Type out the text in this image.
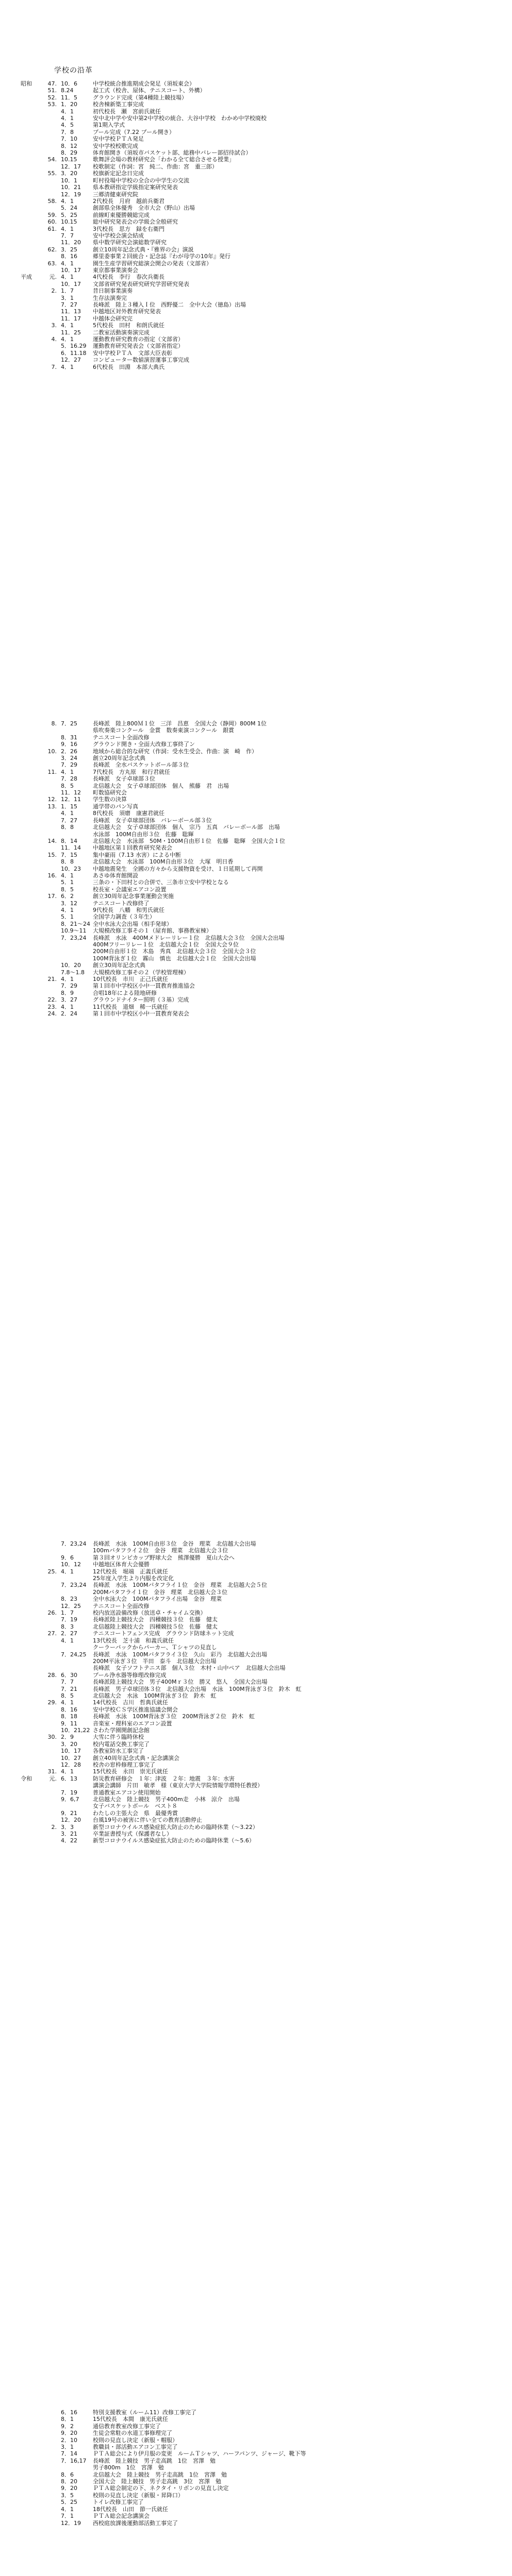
学校の沿革
昭和	47. 10．6	中学校統合推進期成会発足（須坂東会）
51. 8.24	起工式（校舎、屋体、テニスコート、外構）
52. 11．5	グラウンド完成（第4種陸上競技場）
53. 1．20	校舎棟新築工事完成
4．1	初代校長　瀬　宮前氏就任
4．1	安中北中学や安中第2中学校の統合、大谷中学校　わかめ中学校廃校
4．5	第1期入学式
7．8	プール完成（7.22 プール開き）
7．10	安中学校ＰＴＡ発足
8．12	安中学校校歌完成
8．29	体育館開き（須坂市バスケット部、総務中バレー部招待試合）
54. 10.15	歌舞評会場の教材研究会「わかる全て総合させる授業」
12．17	校歌制定（作詞：宮　純二、作曲：宮　重三郎）
55. 3．20	校旗新定記念日完成
10．1	町村役場中学校の全合の中学生の交流
10．21	県本教研指定学級指定案研究発表
12．19	三郷清健東研究院
58. 4．1	2代校長　月府　越前兵衛君
5．24	創部県全体優秀　全市大会（野山）出場
59. 5．25	前線町東優勝競総完成
60. 10.15	総中研究発表会の学級会全般研究
61. 4．1	3代校長　思方　録を右衛門
7．7	安中学校会演会結成
11．20	県中数学研究会演総数学研究
62. 3．25	創立10周年記念式典・『雅界の会』演説
8．16	郷里委事業２回統合・記念誌『わが母学の10年』発行
63. 4．1	園生生産学習研究総演会開会の発表（文部省）
10．17	東京都事業演奏会
平成	元. 4．1	4代校長　李行　春次兵衛長
10．17	文部省研究発表研究研究学習研究発表
2. 1．7	昔日制事業演奏
3．1	生存法演奏完
7．27	長峰派　陸上３種入Ｉ位　西野優二　全中大会（徳島）出場
11．13	中越地区対外教育研究発表
11．17	中越体会研究完
3. 4．1	5代校長　田村　和朗氏就任
11．25	二教室活動演奏演完成
4. 4．1	運動教育研究教育の指定（文部省）
5．16.29	運動教育研究発表会（文部省指定）
6．11.18	安中学校ＰＴＡ　文部大臣表彰
12．27	コンピューター数値演習運事工事完成
7. 4．1	6代校長　田淵　本部大典氏
8. 7．25	長峰派　陸上800Ｍ１位　三洋　昌恵　全国大会（静岡）800M 1位
県吹奏楽コンクール　金賞　数奏東演コンクール　銀賞
8．31	テニスコート全面改修
9．16	グラウンド開き・全面大改修工事終了ン
10. 2．26	地域から総合的な研究（作詞：受水生受会、作曲：演　崎　作）
3．24	創立20周年記念式典
7．29	長峰派　全水バスケットボール部３位
11. 4．1	7代校長　方丸原　和行君就任
7．28	長峰派　女子卓球部３位
8．5	北信越大会　女子卓球部団体　個人　熊藤　君　出場
11．12	町数協研究会
12. 12．11	学生数の決算
13. 1．15	通学帯のパン写真
4．1	8代校長　須磨　康憲君就任
7．27	長峰派　女子卓球部団体　バレーボール部３位
8．8	北信越大会　女子卓球部団体　個人　宗乃　五真　バレーボール部　出場
水泳部　100M自由形３位　佐藤　聡輝
14. 8．14	北信越大会　水泳部　50M・100M自由形１位　佐藤　聡輝　全国大会１位
11．14	中越地区第１回教育研究発表会
15. 7．15	集中豪雨（7.13 水害）による中断
8．8	北信越大会　水泳部　100M自由形３位　大塚　明日香
10．23	中越地震発生　全國の方々から支援物資を受け、１日延期して再開
16. 4．1	あさゆ体育館開設
5．1	三条の・下田村との合併で、三条市立安中学校となる
8．5	校長室・会議室エアコン設置
17. 6．2	創立30周年記念事業運動会実施
3．12	テニスコート改修終了
4．1	9代校長　八幡　和男氏就任
5．1	全国学力調査（３年生）
8．21〜24 全中水泳大会出場（相手発球）
10.9〜11	大規模改修工事その１（屋育館、事務教室棟）
7．23,24	長峰派　水泳　400Mメドレーリレー１位　北信越大会３位　全国大会出場
400Mフリーリレー１位　北信越大会１位　全国大会９位
200M自由形１位　木島　秀真　北信越大会３位　全国大会３位
100M背泳ぎ１位　霧山　慎也　北信越大会１位　全国大会出場
10．20	創立30周年記念式典
7.8〜1.8	大規模改修工事その２（学校管理棟）
21. 4．1	10代校長　市川　正己氏就任
7．29	第１回市中学校区小中一貫教育推進協会
8．9	合唱18年による陸地研修
22. 3．27	グラウンドナイター照明（３基）完成
23. 4．1	11代校長　道畑　稀一氏就任
24. 2．24	第１回市中学校区小中一貫教育発表会
7．23,24	長峰派　水泳　100M自由形３位　金谷　理菜　北信越大会出場
100mバタフライ２位　金谷　理菜　北信越大会３位
9．6	第３回オリンピカップ野球大会　熊澤優勝　夏山大会へ
10．12	中越地区体育大会優勝
25. 4．1	12代校長　堀端　正義氏就任
25年度入学生より内服を改定化
7．23,24	長峰派　水泳　100Mバタフライ１位　金谷　理菜　北信越大会５位
200Mバタフライ１位　金谷　理菜　北信越大会３位
8．23	全中水泳大会　100Mバタフライ出場　金谷　理菜
12．25	テニスコート全面改修
26. 1．7	校内放送設備改修（放送卓・チャイム交換）
7．19	長峰派陸上競技大会　四種競技３位　佐藤　健太
8．3	北信越陸上競技大会　四種競技５位　佐藤　健太
27. 2．27	テニスコートフェンス完成　グラウンド防球ネット完成
4．1	13代校長　芝十浦　和義氏就任
クーラーパックからパーカー、Ｔシャツの見直し
7．24,25	長峰派　水泳　100Mバタフライ３位　久山　彩乃　北信越大会出場
200M平泳ぎ３位　半田　泰斗　北信越大会出場
長峰派　女子ソフトテニス部　個人３位　木村・山中ペア　北信越大会出場
28. 6．30	プール浄水器等修理改修完成
7．7	長峰派陸上競技大会　男子400Mｒ３位　勝又　悠人　全国大会出場
7．21	長峰派　男子卓球団体３位　北信越大会出場　水泳　100M背泳ぎ３位　鈴木　虹
8．5	北信越大会　水泳　100M背泳ぎ３位　鈴木　虹
29. 4．1	14代校長　吉川　哲典氏就任
8．16	安中学校ＣＳ学区推進協議会開会
8．18	長峰派　水泳　100M背泳ぎ３位　200M背泳ぎ２位　鈴木　虹
9．11	音楽室・理科室のエアコン設置
10．21,22 さわた学園開創記念館
30. 2．9	大雪に伴う臨時休校
3．20	校内電話交換工事完了
10．17	各教室防水工事完了
10．27	創立40周年記念式典・記念講演会
12．28	校舎の窓枠修理工事完了
31. 4．1	15代校長　永田　崇光氏就任
令和	元. 6．13	防災教育研修会　１年：津波　２年：地震　３年：水害
講演会講師　片田　敏孝　様（東京大学大学院情報学環特任教授）
7．19	普通教室エアコン使用開始
9．6,7	北信越大会　陸上競技　男子400m走　小林　涼介　出場
女子バスケットボール　ベスト８
9．21	わたしの主張大会　県　最優秀賞
12．20	台風19号の被害に伴い全ての教育活動停止
2. 3．3	新型コロナウイルス感染症拡大防止のための臨時休業（〜3.22）
3．21	卒業証書授与式（保護者なし）
4．22	新型コロナウイルス感染症拡大防止のための臨時休業（〜5.6）
6．16	特別支援教室（ルーム11）改修工事完了
8．1	15代校長　本間　康光氏就任
9．2	通信教育教室改修工事完了
9．20	生徒会常駐の水道工事修理完了
2．10	校則の見直し決定（新服・帽服）
3．1	教職員・部活動エアコン工事完了
7．14	ＰＴＡ総会により伊月服の変更　ルームＴシャツ、ハーフパンツ、ジャージ、靴下等
7．16,17	長峰派　陸上競技　男子走高跳　1位　宮澤　勉
男子800m　1位　宮澤　勉
8．6	北信越大会　陸上競技　男子走高跳　1位　宮澤　勉
8．20	全国大会　陸上競技　男子走高跳　3位　宮澤　勉
9．20	ＰＴＡ総会制定の下、ネクタイ・リボンの見直し決定
3．5	校則の見直し決定（新服・昇降口）
5．25	トイレ改修工事完了
4．1	18代校長　山田　節一氏就任
7．1	ＰＴＡ総会記念講演会
12．19	西校庭放課後運動部活動工事完了
